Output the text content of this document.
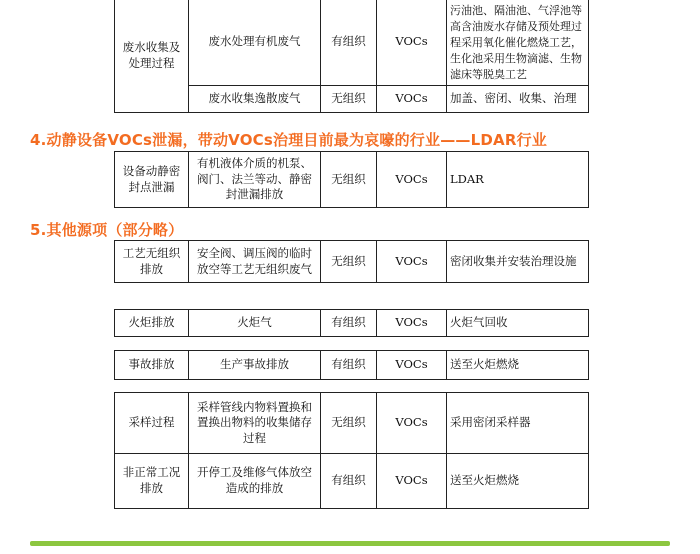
废水收集及处理过程	废水处理有机废气	有组织	VOCs	污油池、隔油池、气浮池等高含油废水存储及预处理过程采用氧化催化燃烧工艺，生化池采用生物滴滤、生物滤床等脱臭工艺
	废水收集逸散废气	无组织	VOCs	加盖、密闭、收集、治理
4.动静设备VOCs泄漏，带动VOCs治理目前最为哀嚎的行业——LDAR行业
设备动静密封点泄漏	有机液体介质的机泵、阀门、法兰等动、静密封泄漏排放	无组织	VOCs	LDAR
5.其他源项（部分略）
工艺无组织排放	安全阀、调压阀的临时放空等工艺无组织废气	无组织	VOCs	密闭收集并安装治理设施
火炬排放	火炬气	有组织	VOCs	火炬气回收
事故排放	生产事故排放	有组织	VOCs	送至火炬燃烧
采样过程	采样管线内物料置换和置换出物料的收集储存过程	无组织	VOCs	采用密闭采样器
非正常工况排放	开停工及维修气体放空造成的排放	有组织	VOCs	送至火炬燃烧
